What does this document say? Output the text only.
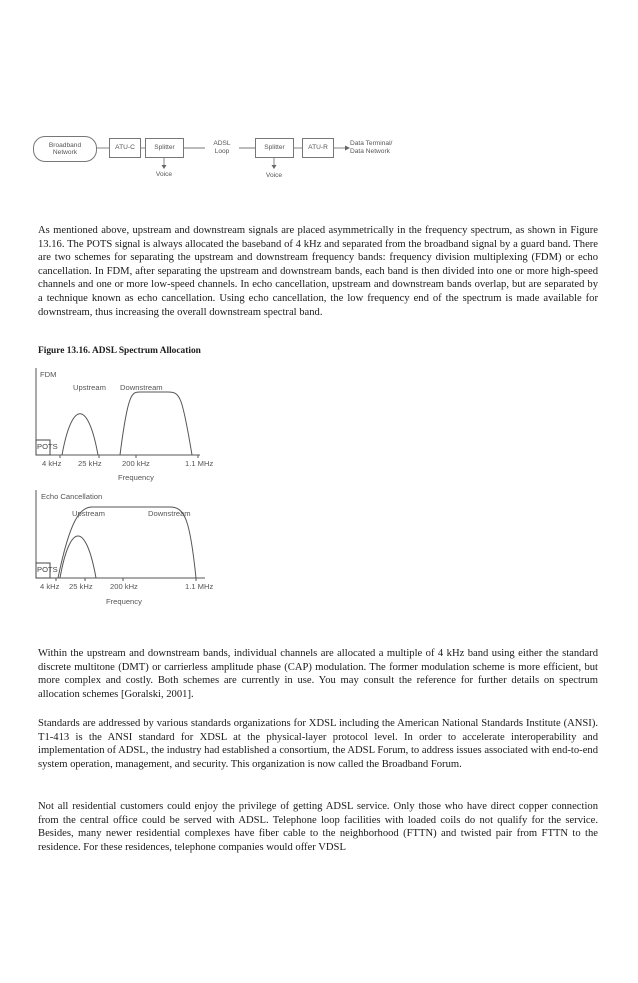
Broadband
Network
ATU-C	Splitter
ADSL
Loop	Splitter	ATU-R
Data Terminal/
Data Network
Voice	Voice
As mentioned above, upstream and downstream signals are placed asymmetrically in the frequency spectrum, as shown in Figure 13.16. The POTS signal is always allocated the baseband of 4 kHz and separated from the broadband signal by a guard band. There are two schemes for separating the upstream and downstream frequency bands: frequency division multiplexing (FDM) or echo cancellation. In FDM, after separating the upstream and downstream bands, each band is then divided into one or more high-speed channels and one or more low-speed channels. In echo cancellation, upstream and downstream bands overlap, but are separated by a technique known as echo cancellation. Using echo cancellation, the low frequency end of the spectrum is made available for downstream, thus increasing the overall downstream spectral band.
Figure 13.16. ADSL Spectrum Allocation
FDM
Upstream Downstream
POTS
4 kHz 25 kHz	200 kHz	1.1 MHz
Frequency
Echo Cancellation
Upstream	Downstream
POTS
4 kHz 25 kHz 200 kHz	1.1 MHz
Frequency
Within the upstream and downstream bands, individual channels are allocated a multiple of 4 kHz band using either the standard discrete multitone (DMT) or carrierless amplitude phase (CAP) modulation. The former modulation scheme is more efficient, but more complex and costly. Both schemes are currently in use. You may consult the reference for further details on spectrum allocation schemes [Goralski, 2001].
Standards are addressed by various standards organizations for XDSL including the American National Standards Institute (ANSI). T1-413 is the ANSI standard for XDSL at the physical-layer protocol level. In order to accelerate interoperability and implementation of ADSL, the industry had established a consortium, the ADSL Forum, to address issues associated with end-to-end system operation, management, and security. This organization is now called the Broadband Forum.
Not all residential customers could enjoy the privilege of getting ADSL service. Only those who have direct copper connection from the central office could be served with ADSL. Telephone loop facilities with loaded coils do not qualify for the service. Besides, many newer residential complexes have fiber cable to the neighborhood (FTTN) and twisted pair from FTTN to the residence. For these residences, telephone companies would offer VDSL
